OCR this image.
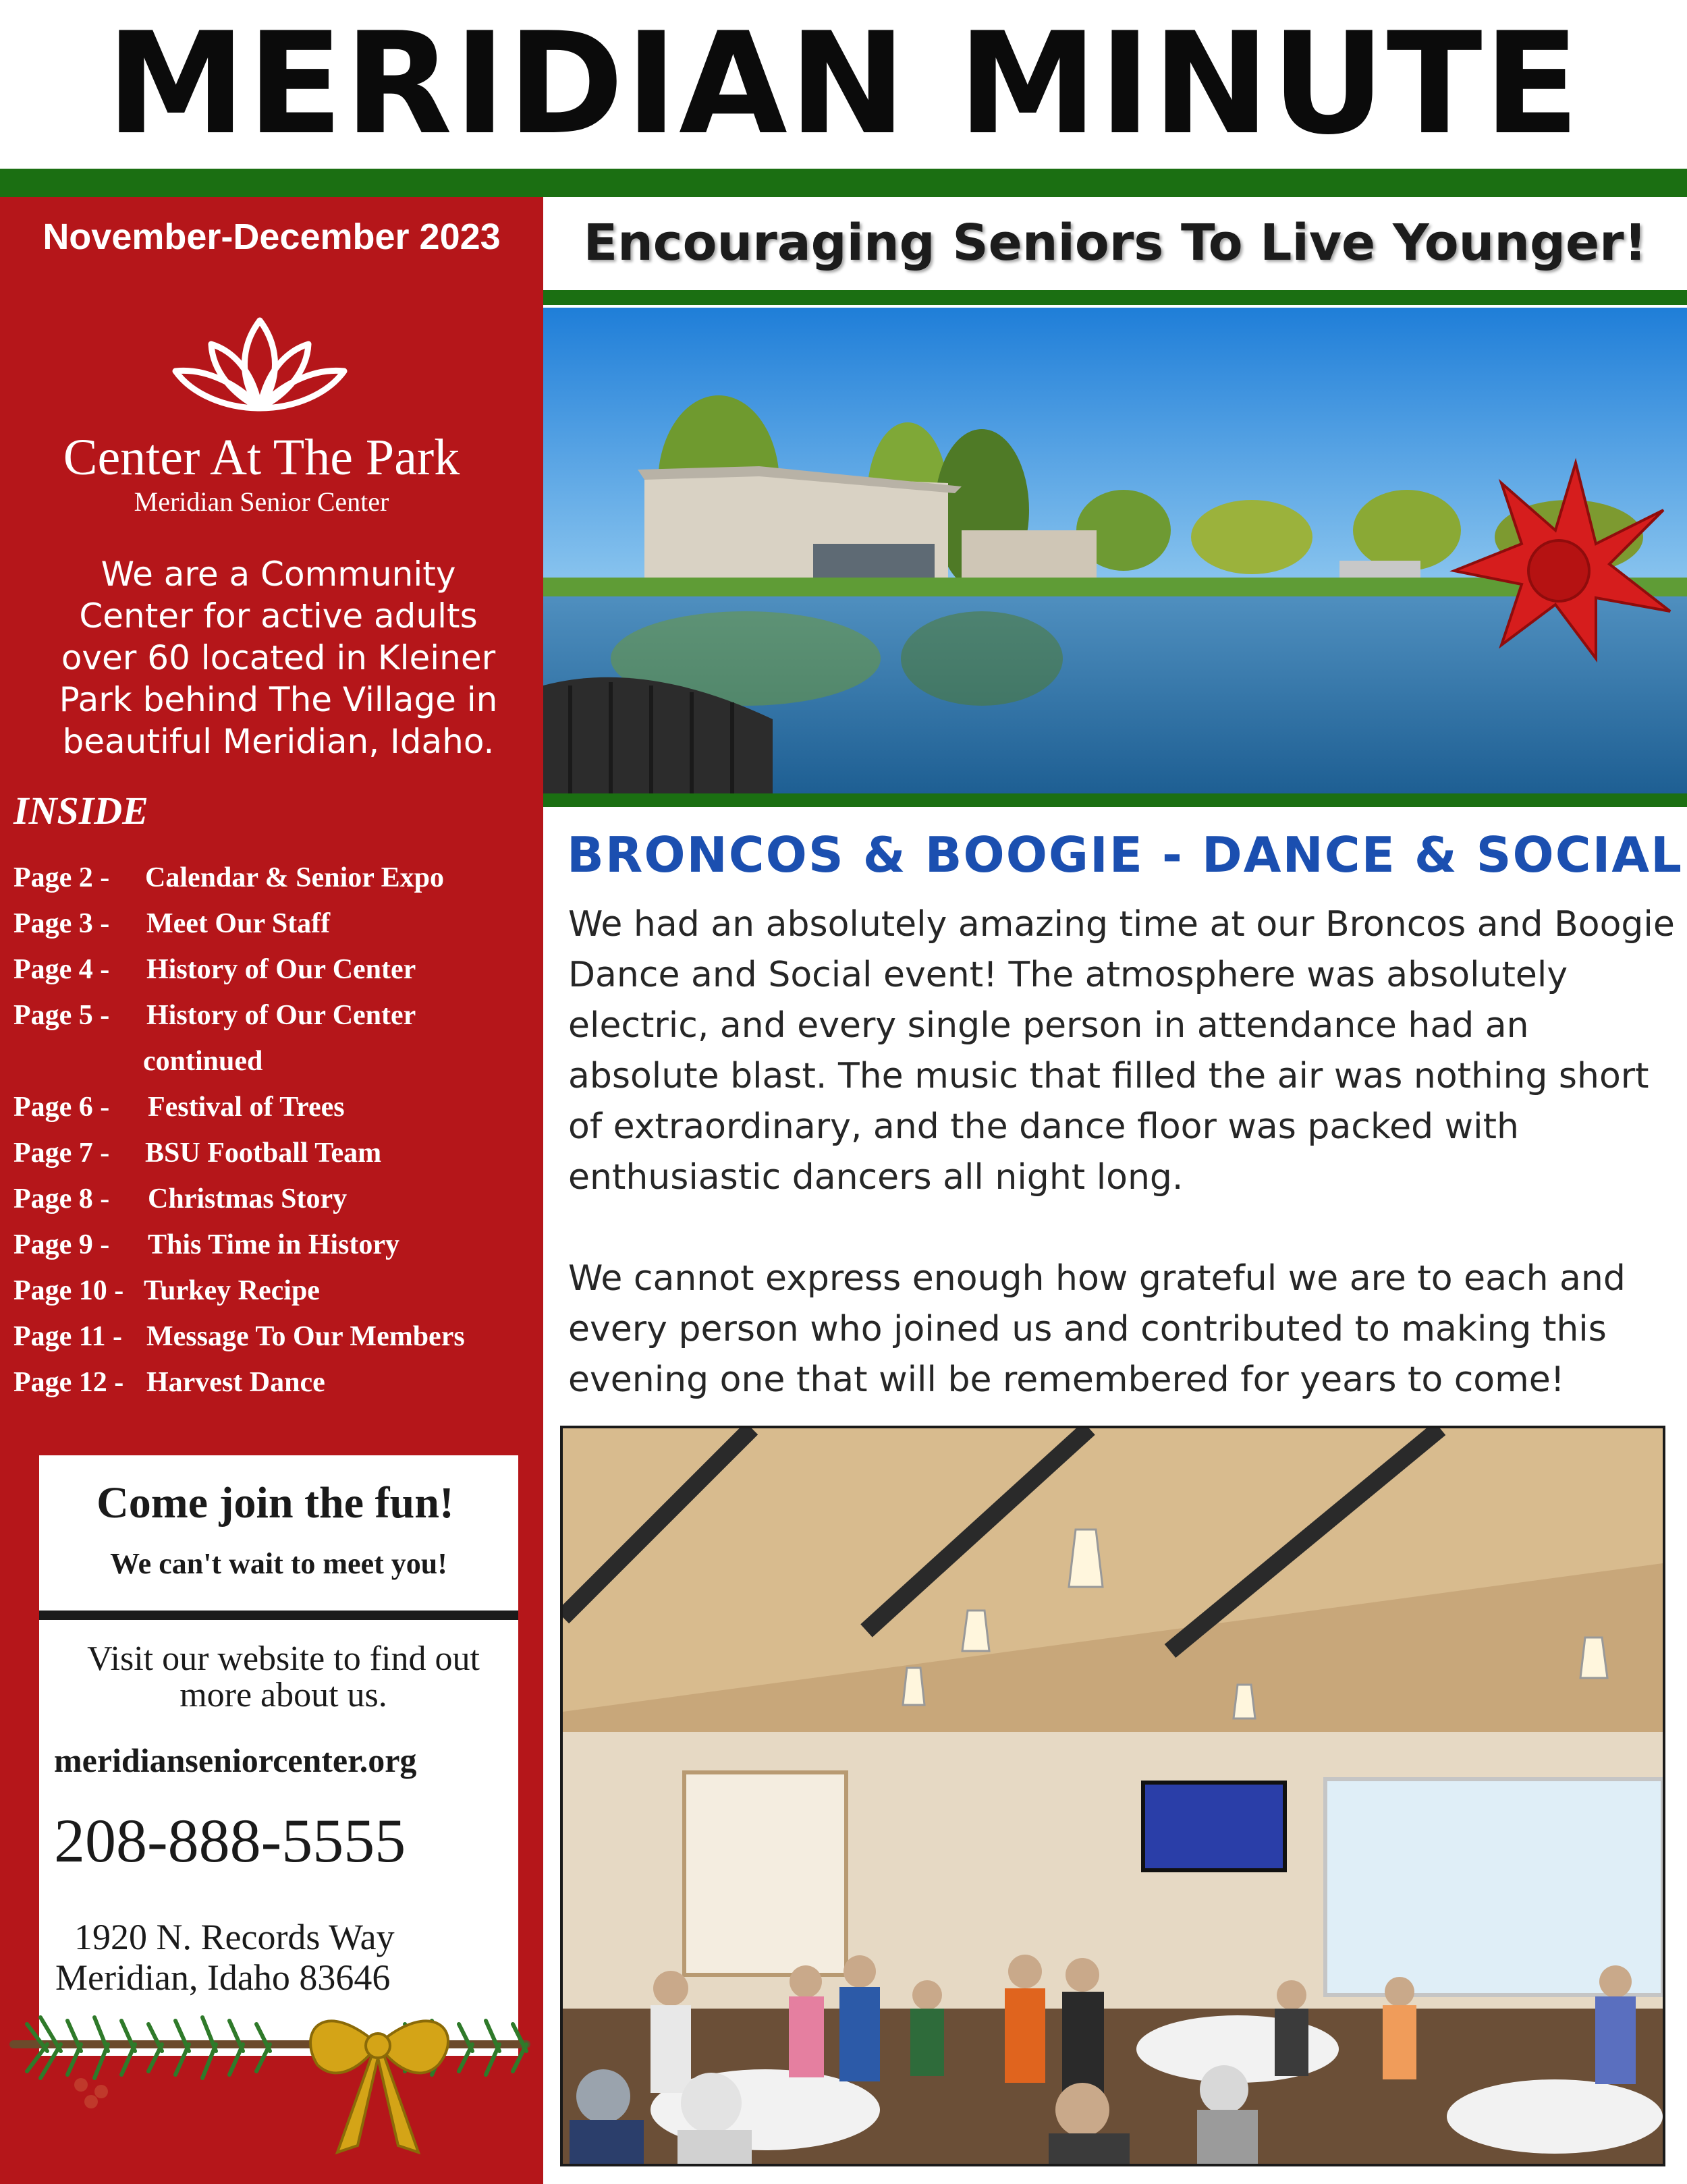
MERIDIAN MINUTE
November-December 2023
Center At The Park
Meridian Senior Center
We are a Community Center for active adults over 60 located in Kleiner Park behind The Village in beautiful Meridian, Idaho.
INSIDE
Page 2 - Calendar & Senior Expo
Page 3 - Meet Our Staff
Page 4 - History of Our Center
Page 5 - History of Our Center
continued
Page 6 - Festival of Trees
Page 7 - BSU Football Team
Page 8 - Christmas Story
Page 9 - This Time in History
Page 10 - Turkey Recipe
Page 11 - Message To Our Members
Page 12 - Harvest Dance
Come join the fun!
We can't wait to meet you!
Visit our website to find out more about us.
meridianseniorcenter.org
208-888-5555
1920 N. Records Way
Meridian, Idaho 83646
Encouraging Seniors To Live Younger!
BRONCOS & BOOGIE - DANCE & SOCIAL
We had an absolutely amazing time at our Broncos and Boogie Dance and Social event! The atmosphere was absolutely electric, and every single person in attendance had an absolute blast. The music that filled the air was nothing short of extraordinary, and the dance floor was packed with enthusiastic dancers all night long.
We cannot express enough how grateful we are to each and every person who joined us and contributed to making this evening one that will be remembered for years to come!
